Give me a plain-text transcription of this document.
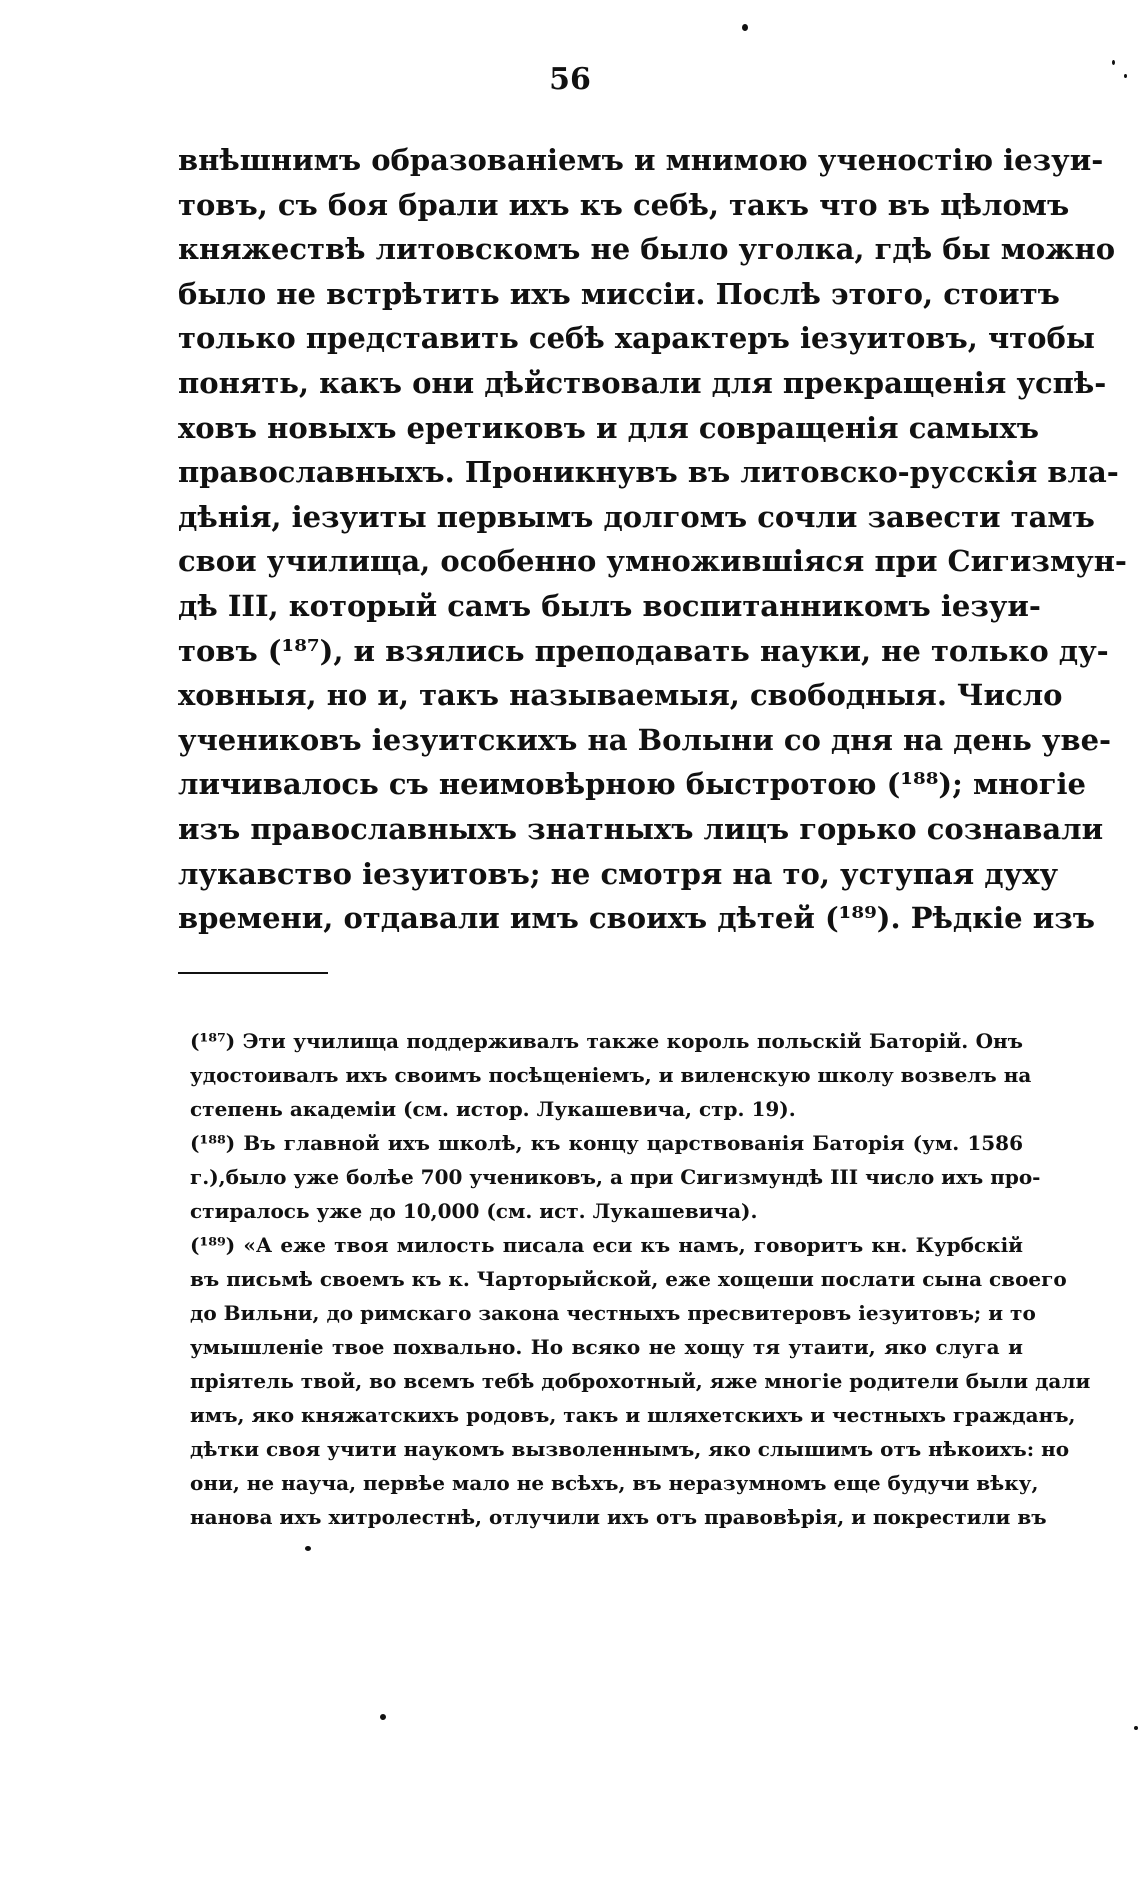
56
внѣшнимъ образованіемъ и мнимою ученостію іезуи-
товъ, съ боя брали ихъ къ себѣ, такъ что въ цѣломъ
княжествѣ литовскомъ не было уголка, гдѣ бы можно
было не встрѣтить ихъ миссіи. Послѣ этого, стоитъ
только представить себѣ характеръ іезуитовъ, чтобы
понять, какъ они дѣйствовали для прекращенія успѣ-
ховъ новыхъ еретиковъ и для совращенія самыхъ
православныхъ. Проникнувъ въ литовско-русскія вла-
дѣнія, іезуиты первымъ долгомъ сочли завести тамъ
свои училища, особенно умножившіяся при Сигизмун-
дѣ III, который самъ былъ воспитанникомъ іезуи-
товъ (¹⁸⁷), и взялись преподавать науки, не только ду-
ховныя, но и, такъ называемыя, свободныя. Число
учениковъ іезуитскихъ на Волыни со дня на день уве-
личивалось съ неимовѣрною быстротою (¹⁸⁸); многіе
изъ православныхъ знатныхъ лицъ горько сознавали
лукавство іезуитовъ; не смотря на то, уступая духу
времени, отдавали имъ своихъ дѣтей (¹⁸⁹). Рѣдкіе изъ
(¹⁸⁷) Эти училища поддерживалъ также король польскій Баторій. Онъ
удостоивалъ ихъ своимъ посѣщеніемъ, и виленскую школу возвелъ на
степень академіи (см. истор. Лукашевича, стр. 19).
(¹⁸⁸) Въ главной ихъ школѣ, къ концу царствованія Баторія (ум. 1586
г.),было уже болѣе 700 учениковъ, а при Сигизмундѣ III число ихъ про-
стиралось уже до 10,000 (см. ист. Лукашевича).
(¹⁸⁹) «А еже твоя милость писала еси къ намъ, говоритъ кн. Курбскій
въ письмѣ своемъ къ к. Чарторыйской, еже хощеши послати сына своего
до Вильни, до римскаго закона честныхъ пресвитеровъ іезуитовъ; и то
умышленіе твое похвально. Но всяко не хощу тя утаити, яко слуга и
пріятель твой, во всемъ тебѣ доброхотный, яже многіе родители были дали
имъ, яко княжатскихъ родовъ, такъ и шляхетскихъ и честныхъ гражданъ,
дѣтки своя учити наукомъ вызволеннымъ, яко слышимъ отъ нѣкоихъ: но
они, не науча, первѣе мало не всѣхъ, въ неразумномъ еще будучи вѣку,
нанова ихъ хитролестнѣ, отлучили ихъ отъ правовѣрія, и покрестили въ
